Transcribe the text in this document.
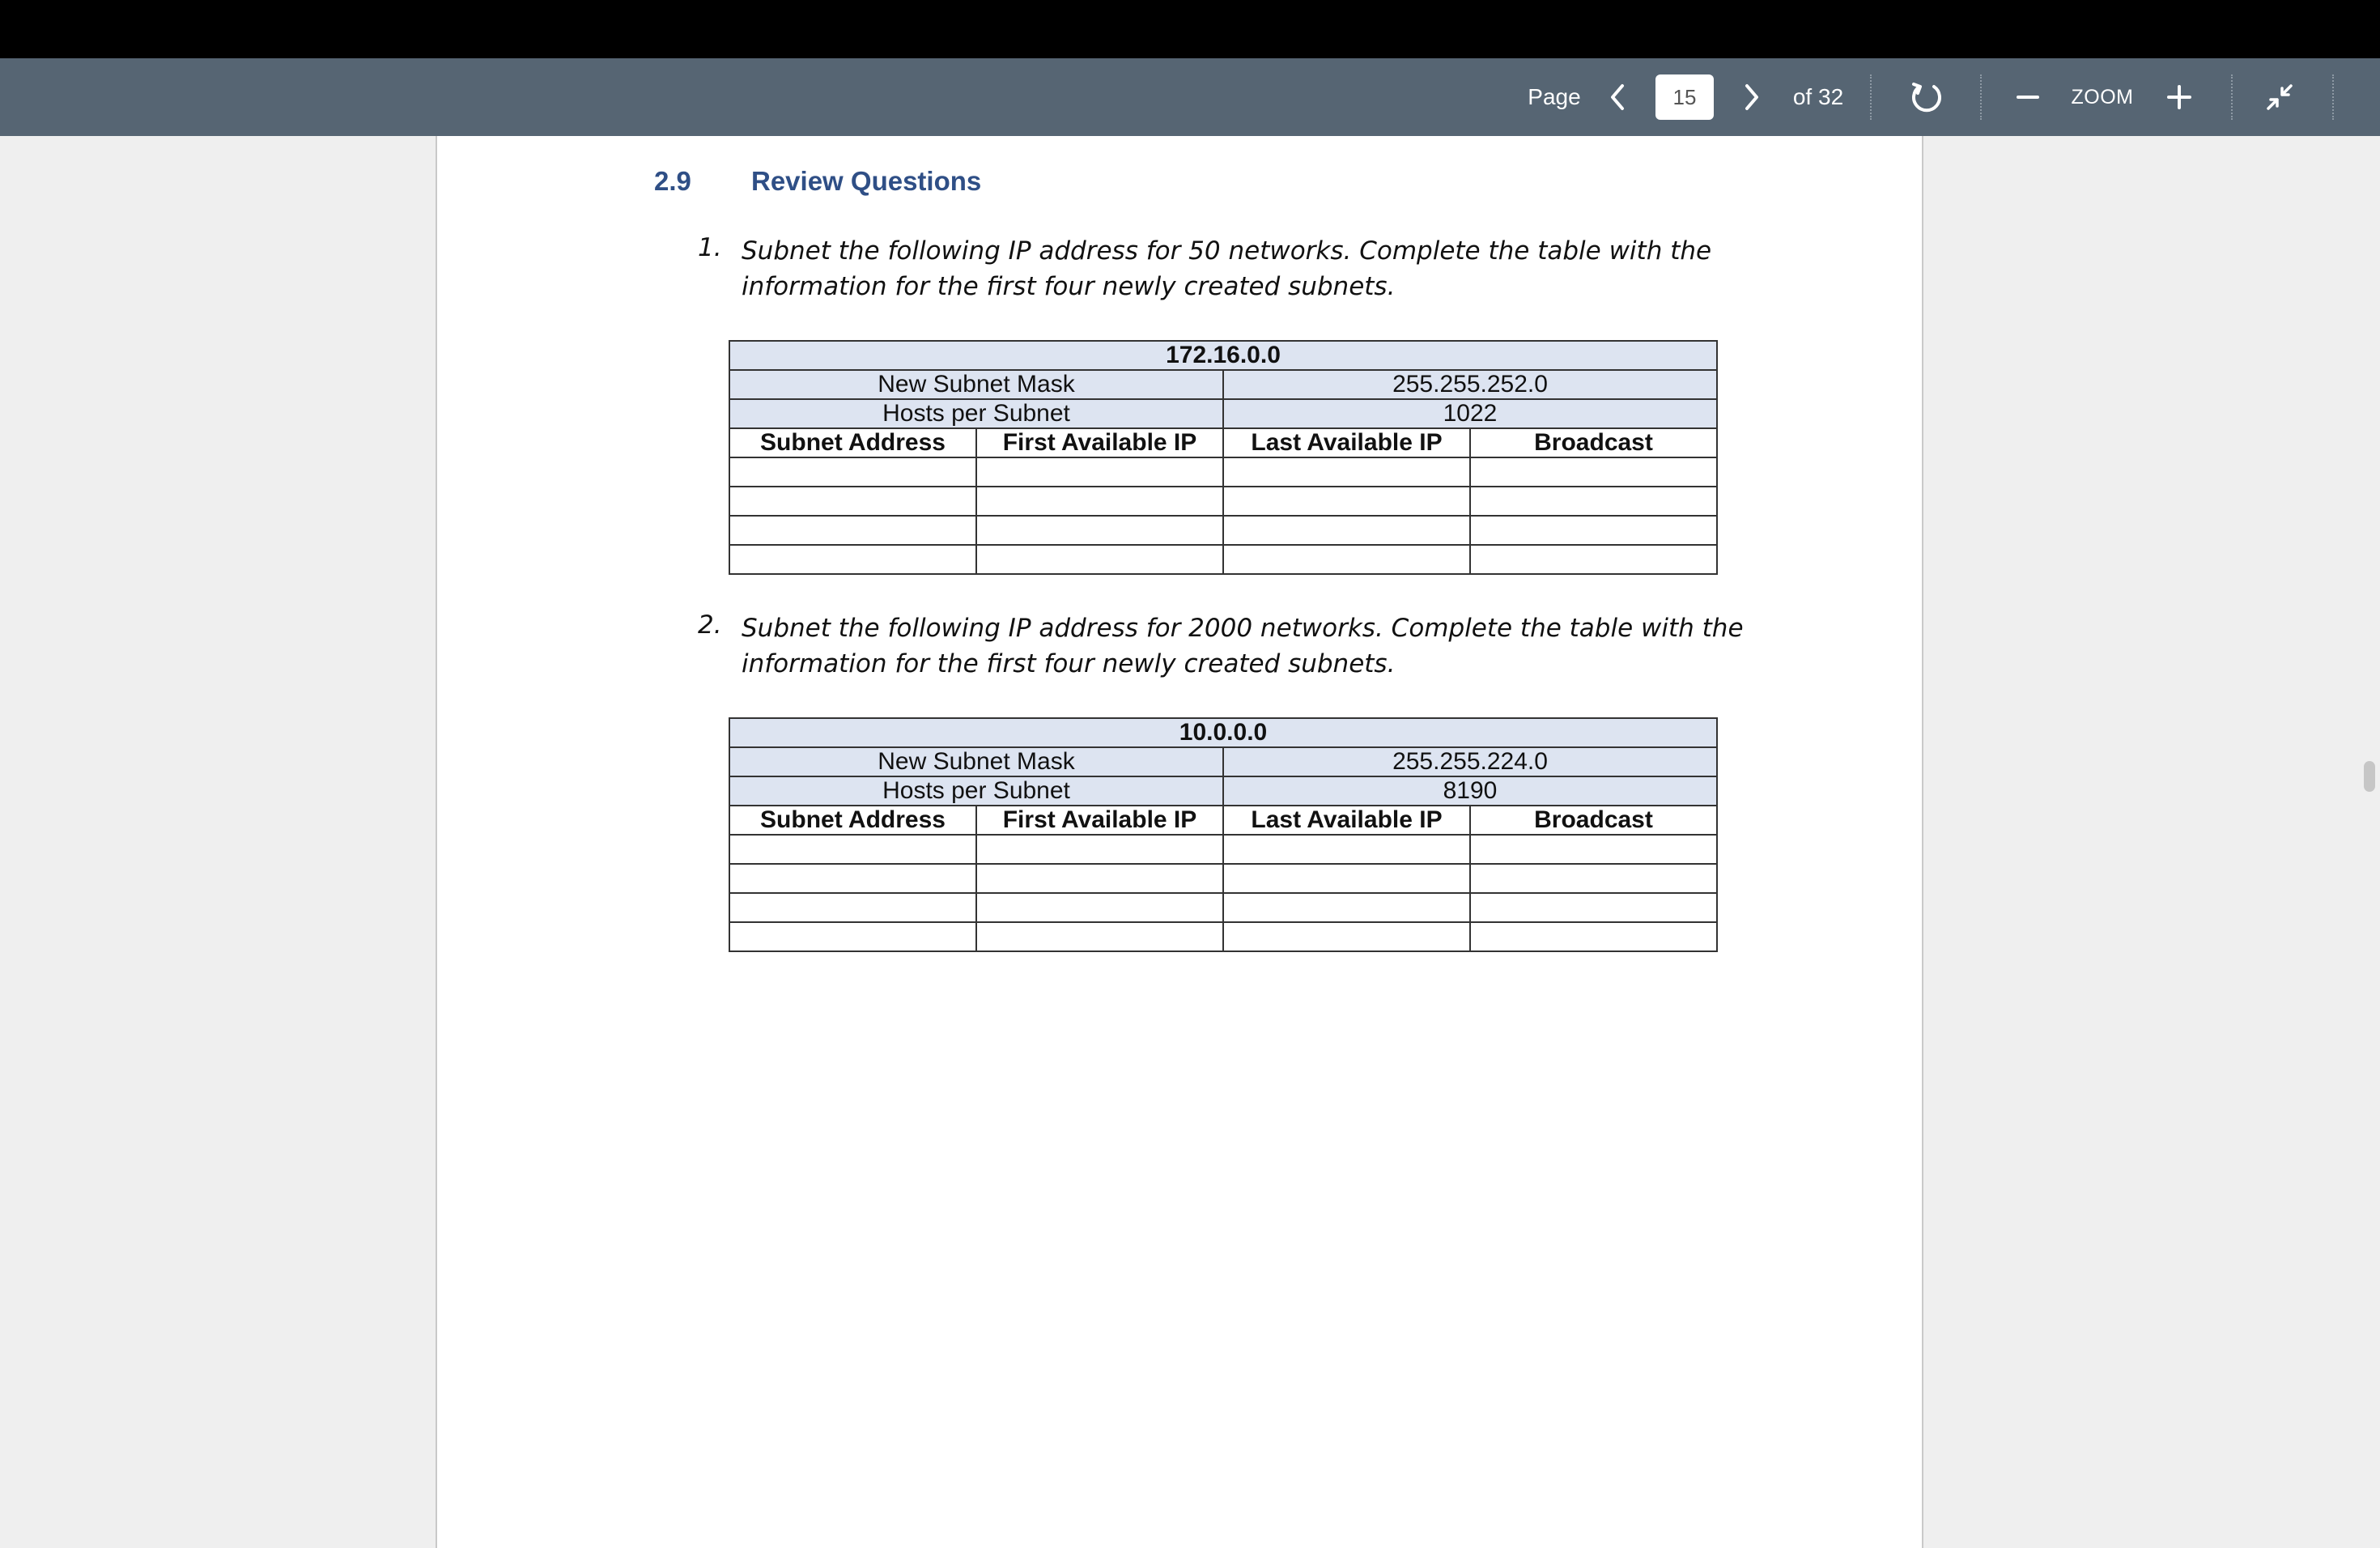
Page
15	of 32	ZOOM
2.9 Review Questions
1. Subnet the following IP address for 50 networks. Complete the table with the
information for the first four newly created subnets.
172.16.0.0			
New Subnet Mask		255.255.252.0	
Hosts per Subnet		1022	
Subnet Address	First Available IP	Last Available IP	Broadcast

2. Subnet the following IP address for 2000 networks. Complete the table with the
information for the first four newly created subnets.
10.0.0.0			
New Subnet Mask		255.255.224.0	
Hosts per Subnet		8190	
Subnet Address	First Available IP	Last Available IP	Broadcast
